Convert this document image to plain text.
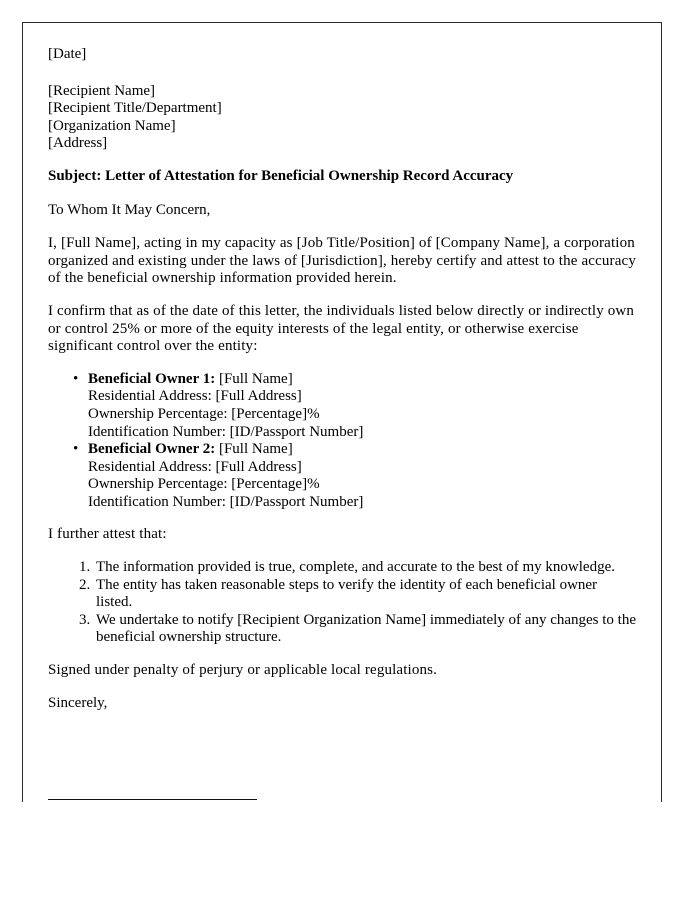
[Date]

[Recipient Name]
[Recipient Title/Department]
[Organization Name]
[Address]

Subject: Letter of Attestation for Beneficial Ownership Record Accuracy

To Whom It May Concern,

I, [Full Name], acting in my capacity as [Job Title/Position] of [Company Name], a corporation organized and existing under the laws of [Jurisdiction], hereby certify and attest to the accuracy of the beneficial ownership information provided herein.

I confirm that as of the date of this letter, the individuals listed below directly or indirectly own or control 25% or more of the equity interests of the legal entity, or otherwise exercise significant control over the entity:

• Beneficial Owner 1: [Full Name]
Residential Address: [Full Address]
Ownership Percentage: [Percentage]%
Identification Number: [ID/Passport Number]
• Beneficial Owner 2: [Full Name]
Residential Address: [Full Address]
Ownership Percentage: [Percentage]%
Identification Number: [ID/Passport Number]

I further attest that:

1. The information provided is true, complete, and accurate to the best of my knowledge.
2. The entity has taken reasonable steps to verify the identity of each beneficial owner listed.
3. We undertake to notify [Recipient Organization Name] immediately of any changes to the beneficial ownership structure.

Signed under penalty of perjury or applicable local regulations.

Sincerely,
